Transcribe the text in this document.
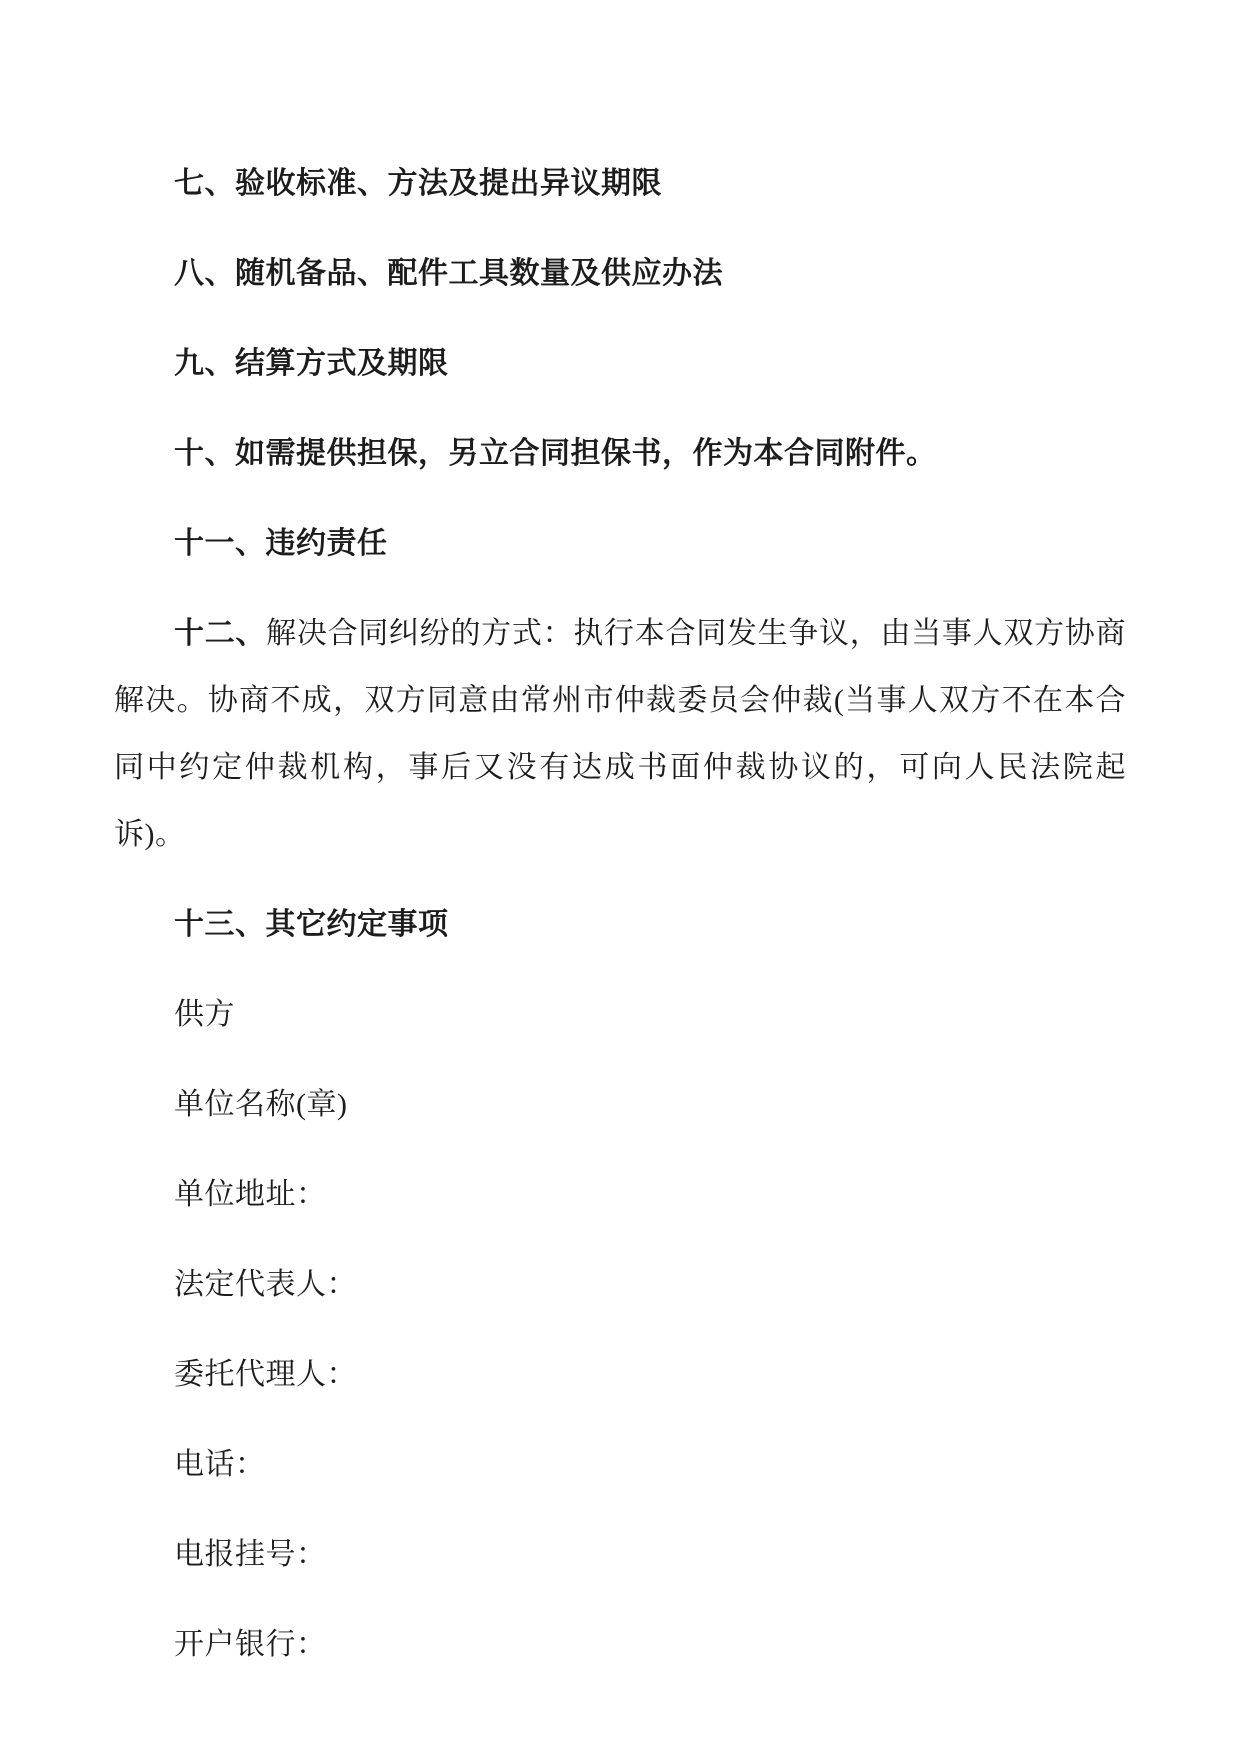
七、验收标准、方法及提出异议期限

八、随机备品、配件工具数量及供应办法

九、结算方式及期限

十、如需提供担保，另立合同担保书，作为本合同附件。

十一、违约责任

十二、解决合同纠纷的方式：执行本合同发生争议，由当事人双方协商解决。协商不成，双方同意由常州市仲裁委员会仲裁(当事人双方不在本合同中约定仲裁机构，事后又没有达成书面仲裁协议的，可向人民法院起诉)。

十三、其它约定事项

供方

单位名称(章)

单位地址：

法定代表人：

委托代理人：

电话：

电报挂号：

开户银行：
